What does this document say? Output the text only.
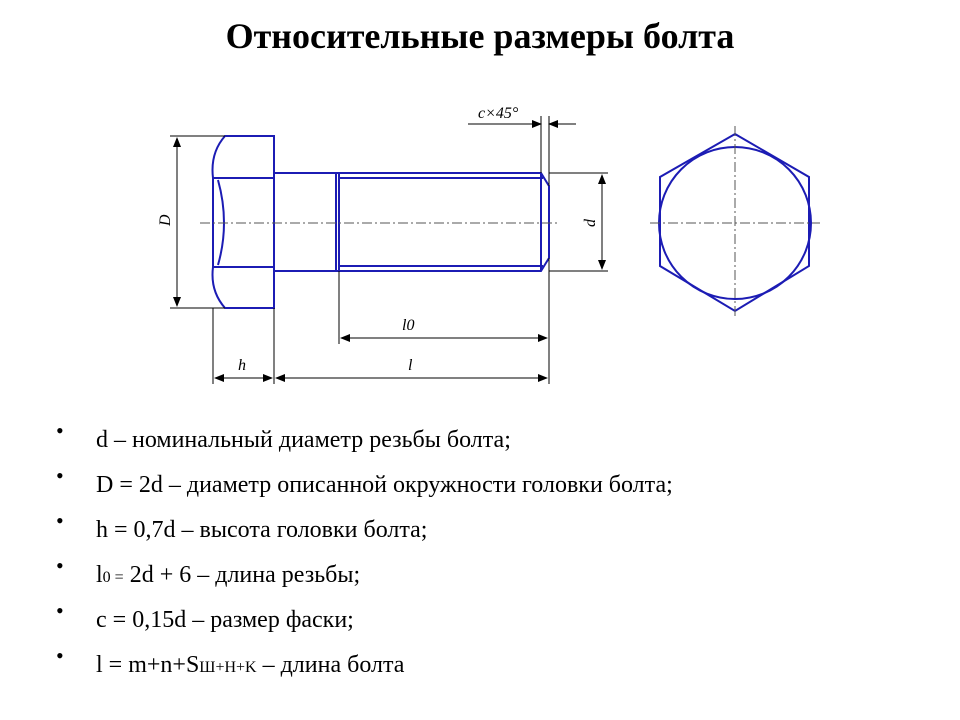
Относительные размеры болта
c×45°
D	d
l0
h	l
• d – номинальный диаметр резьбы болта;
• D = 2d – диаметр описанной окружности головки болта;
• h = 0,7d – высота головки болта;
• l0 = 2d + 6 – длина резьбы;
• c = 0,15d – размер фаски;
• l = m+n+SШ+H+K – длина болта
